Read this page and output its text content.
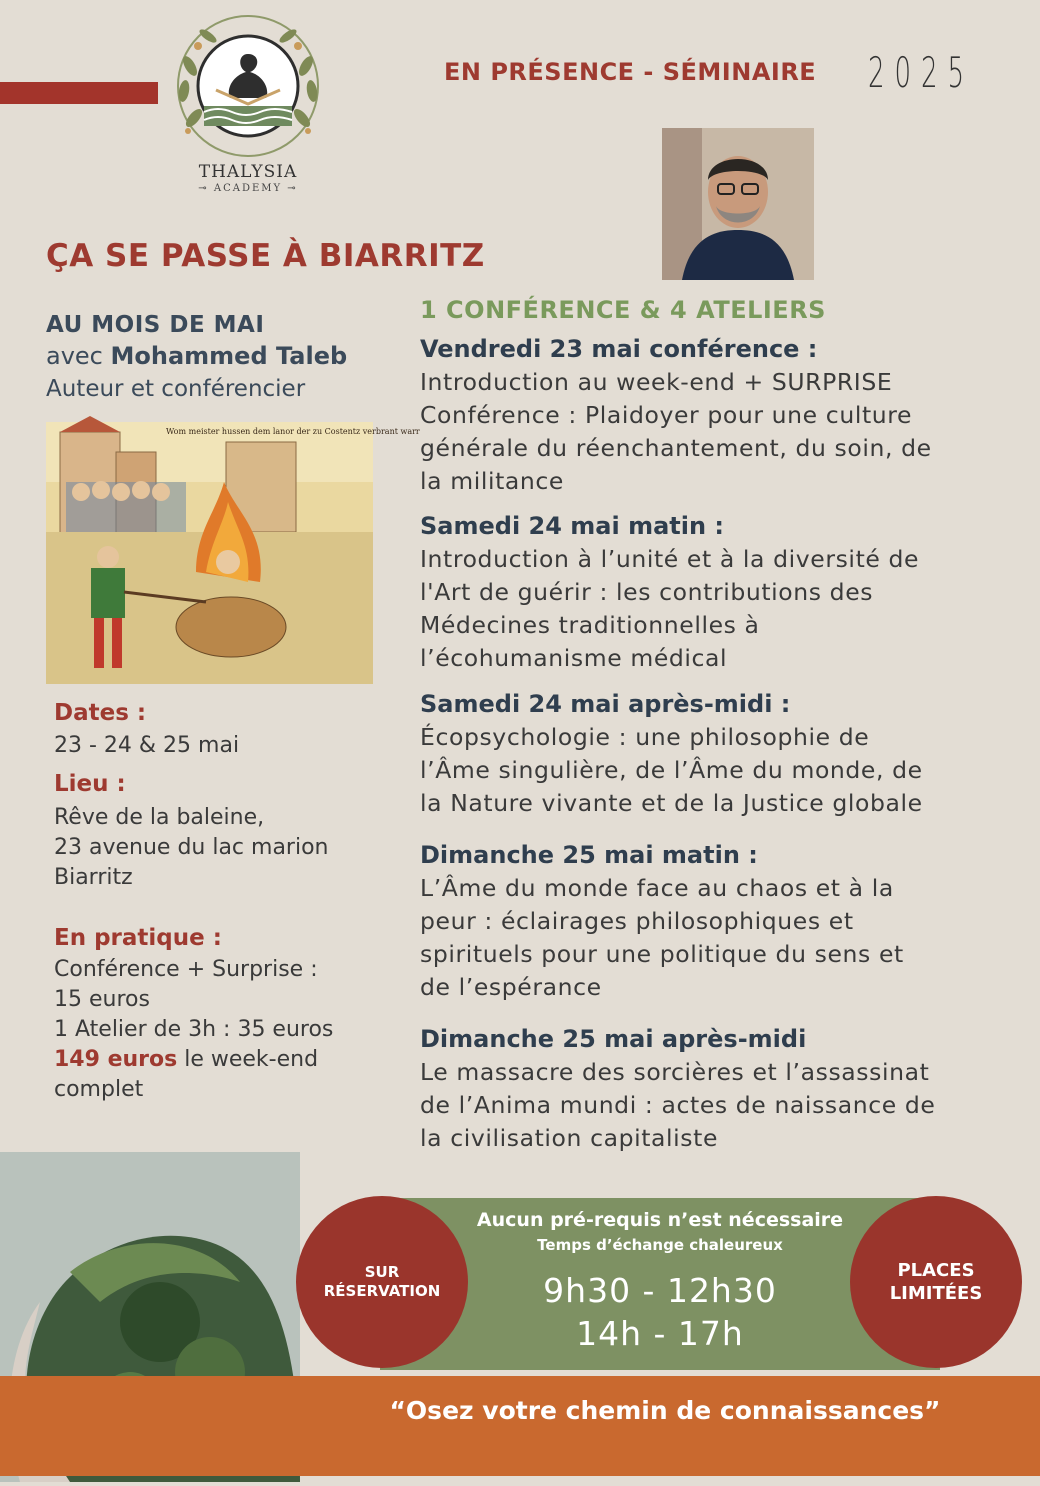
THALYSIA
⊸ ACADEMY ⊸
EN PRÉSENCE - SÉMINAIRE 2025
ÇA SE PASSE À BIARRITZ
AU MOIS DE MAI
avec Mohammed Taleb
Auteur et conférencier
Wom meister hussen dem lanor der zu Costentz verbrant warr
Dates :
23 - 24 & 25 mai
Lieu :
Rêve de la baleine,
23 avenue du lac marion
Biarritz
En pratique :
Conférence + Surprise :
15 euros
1 Atelier de 3h : 35 euros
149 euros le week-end
complet
1 CONFÉRENCE & 4 ATELIERS
Vendredi 23 mai conférence :
Introduction au week-end + SURPRISE
Conférence : Plaidoyer pour une culture
générale du réenchantement, du soin, de
la militance
Samedi 24 mai matin :
Introduction à l’unité et à la diversité de
l'Art de guérir : les contributions des
Médecines traditionnelles à
l’écohumanisme médical
Samedi 24 mai après-midi :
Écopsychologie : une philosophie de
l’Âme singulière, de l’Âme du monde, de
la Nature vivante et de la Justice globale
Dimanche 25 mai matin :
L’Âme du monde face au chaos et à la
peur : éclairages philosophiques et
spirituels pour une politique du sens et
de l’espérance
Dimanche 25 mai après-midi
Le massacre des sorcières et l’assassinat
de l’Anima mundi : actes de naissance de
la civilisation capitaliste
Aucun pré-requis n’est nécessaire
Temps d’échange chaleureux
9h30 - 12h30
14h - 17h
SUR
RÉSERVATION
PLACES
LIMITÉES
“Osez votre chemin de connaissances”
